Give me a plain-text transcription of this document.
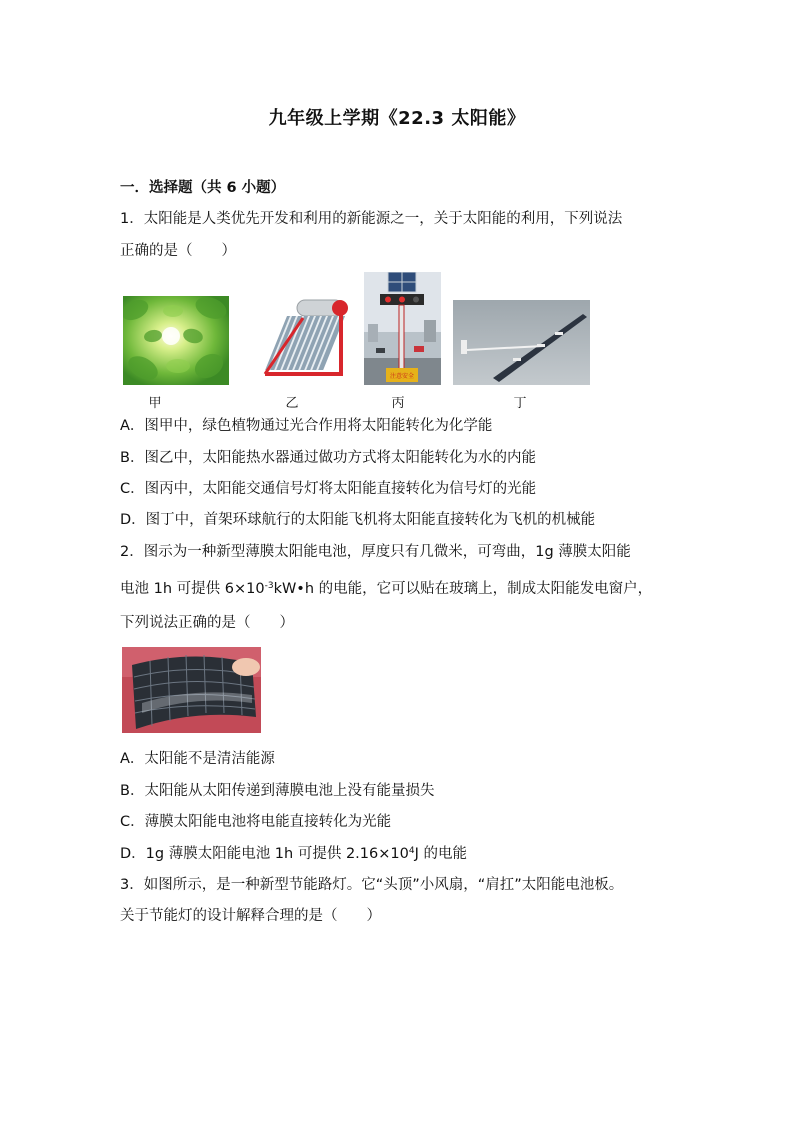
九年级上学期《22.3 太阳能》
一．选择题（共 6 小题）
1．太阳能是人类优先开发和利用的新能源之一，关于太阳能的利用，下列说法
正确的是（　　）
注意安全
甲	乙	丙	丁
A．图甲中，绿色植物通过光合作用将太阳能转化为化学能
B．图乙中，太阳能热水器通过做功方式将太阳能转化为水的内能
C．图丙中，太阳能交通信号灯将太阳能直接转化为信号灯的光能
D．图丁中，首架环球航行的太阳能飞机将太阳能直接转化为飞机的机械能
2．图示为一种新型薄膜太阳能电池，厚度只有几微米，可弯曲，1g 薄膜太阳能
电池 1h 可提供 $6\times 10^{-3}kW•h$ 的电能，它可以贴在玻璃上，制成太阳能发电窗户，
下列说法正确的是（　　）
A．太阳能不是清洁能源
B．太阳能从太阳传递到薄膜电池上没有能量损失
C．薄膜太阳能电池将电能直接转化为光能
D．1g 薄膜太阳能电池 1h 可提供 $2.16\times 10^4J$ 的电能
3．如图所示，是一种新型节能路灯。它“头顶”小风扇，“肩扛”太阳能电池板。
关于节能灯的设计解释合理的是（　　）
